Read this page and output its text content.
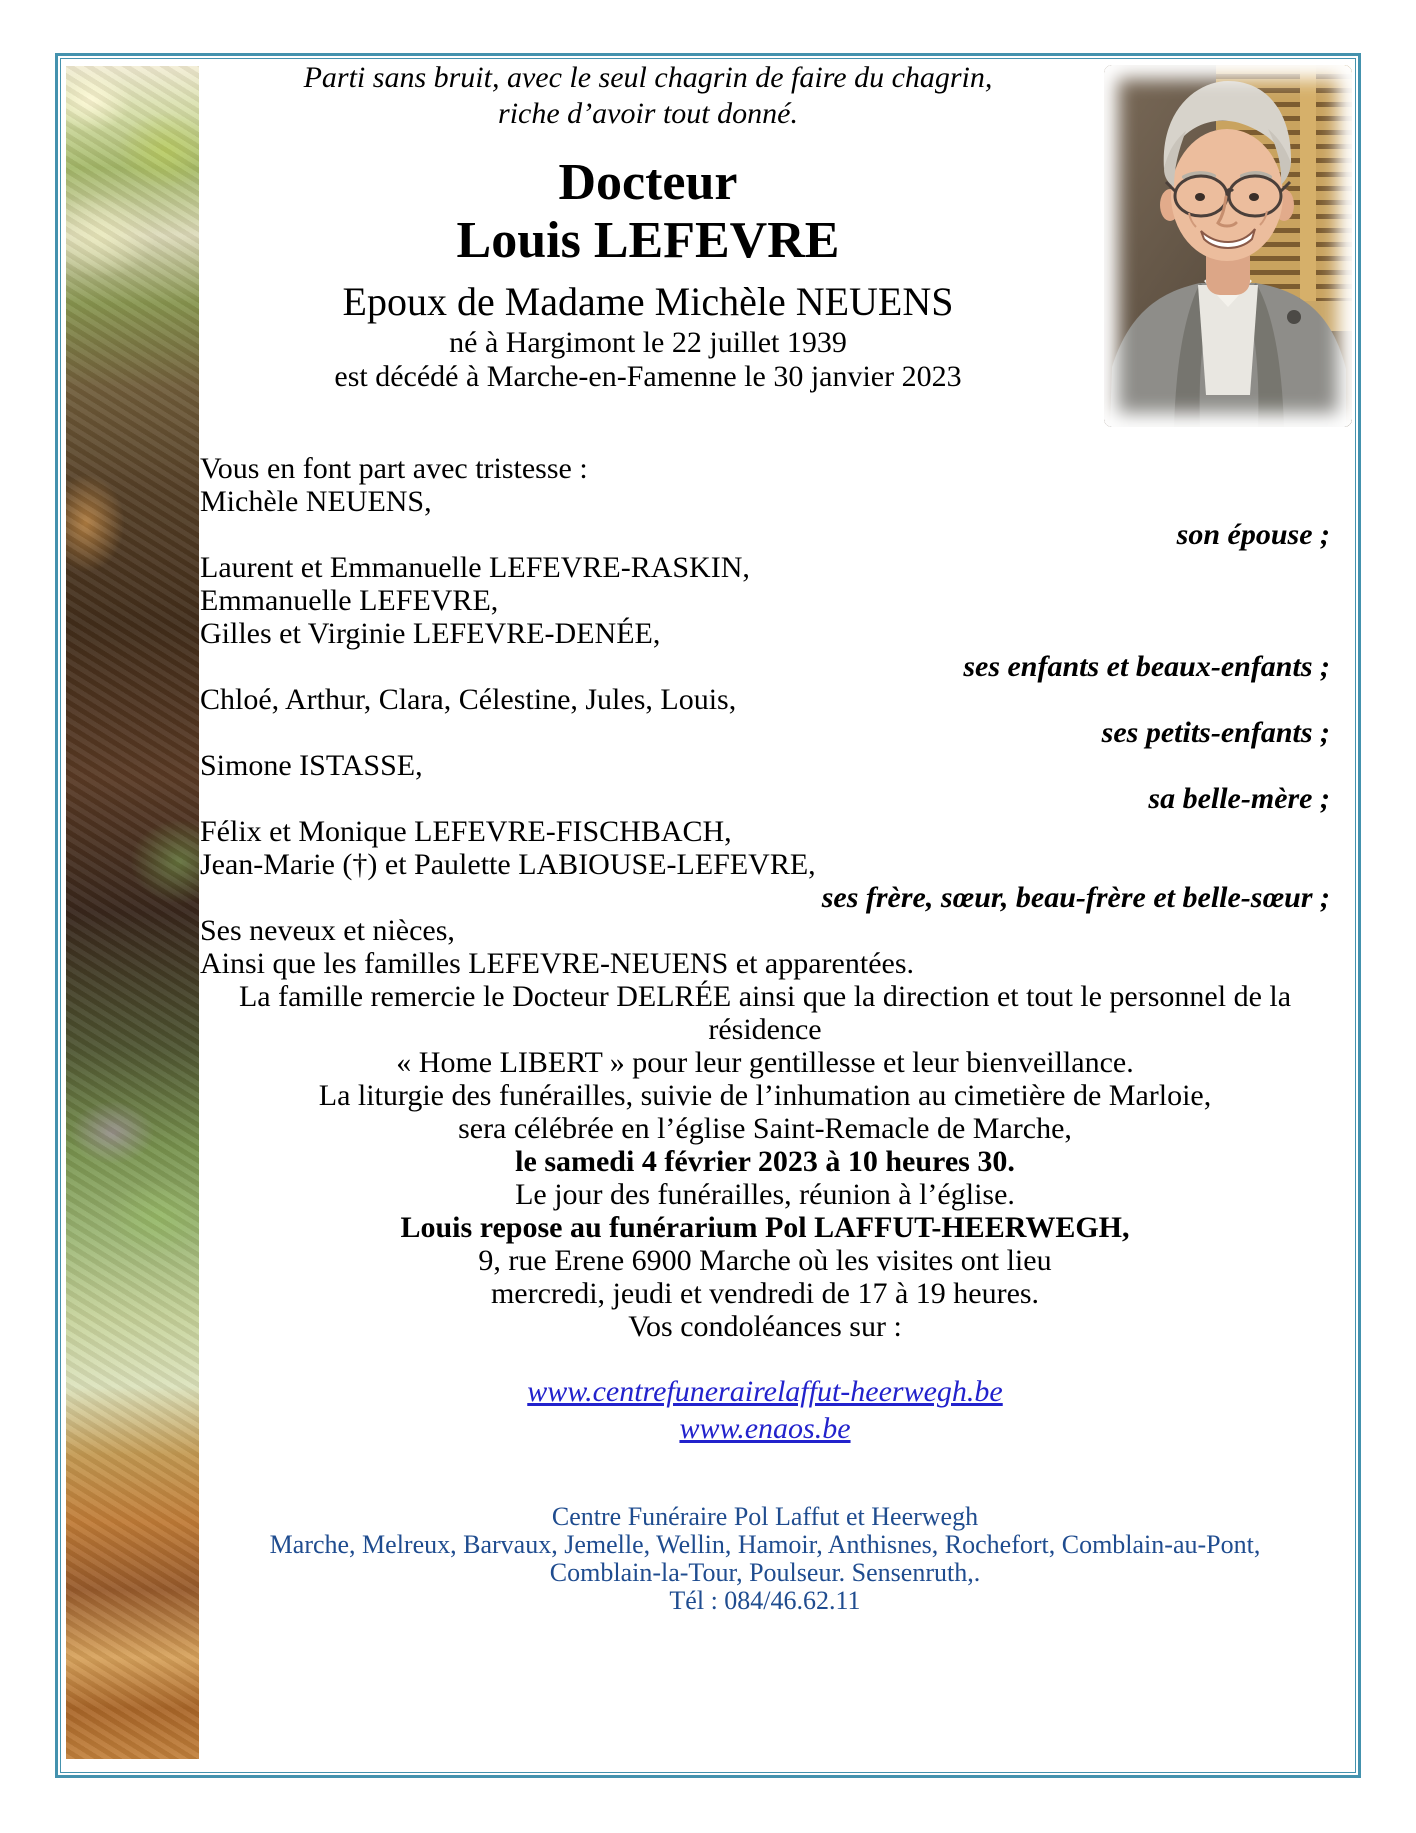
Parti sans bruit, avec le seul chagrin de faire du chagrin,

riche d’avoir tout donné.

Docteur

Louis LEFEVRE

Epoux de Madame Michèle NEUENS

né à Hargimont le 22 juillet 1939

est décédé à Marche-en-Famenne le 30 janvier 2023

Vous en font part avec tristesse :

Michèle NEUENS,

son épouse ;

Laurent et Emmanuelle LEFEVRE-RASKIN,

Emmanuelle LEFEVRE,

Gilles et Virginie LEFEVRE-DENÉE,

ses enfants et beaux-enfants ;

Chloé, Arthur, Clara, Célestine, Jules, Louis,

ses petits-enfants ;

Simone ISTASSE,

sa belle-mère ;

Félix et Monique LEFEVRE-FISCHBACH,

Jean-Marie (†) et Paulette LABIOUSE-LEFEVRE,

ses frère, sœur, beau-frère et belle-sœur ;

Ses neveux et nièces,

Ainsi que les familles LEFEVRE-NEUENS et apparentées.

La famille remercie le Docteur DELRÉE ainsi que la direction et tout le personnel de la résidence

« Home LIBERT » pour leur gentillesse et leur bienveillance.

La liturgie des funérailles, suivie de l’inhumation au cimetière de Marloie,

sera célébrée en l’église Saint-Remacle de Marche,

le samedi 4 février 2023 à 10 heures 30.

Le jour des funérailles, réunion à l’église.

Louis repose au funérarium Pol LAFFUT-HEERWEGH,

9, rue Erene 6900 Marche où les visites ont lieu

mercredi, jeudi et vendredi de 17 à 19 heures.

Vos condoléances sur :

www.centrefunerairelaffut-heerwegh.be
www.enaos.be

Centre Funéraire Pol Laffut et Heerwegh

Marche, Melreux, Barvaux, Jemelle, Wellin, Hamoir, Anthisnes, Rochefort, Comblain-au-Pont,

Comblain-la-Tour, Poulseur. Sensenruth,.

Tél : 084/46.62.11
